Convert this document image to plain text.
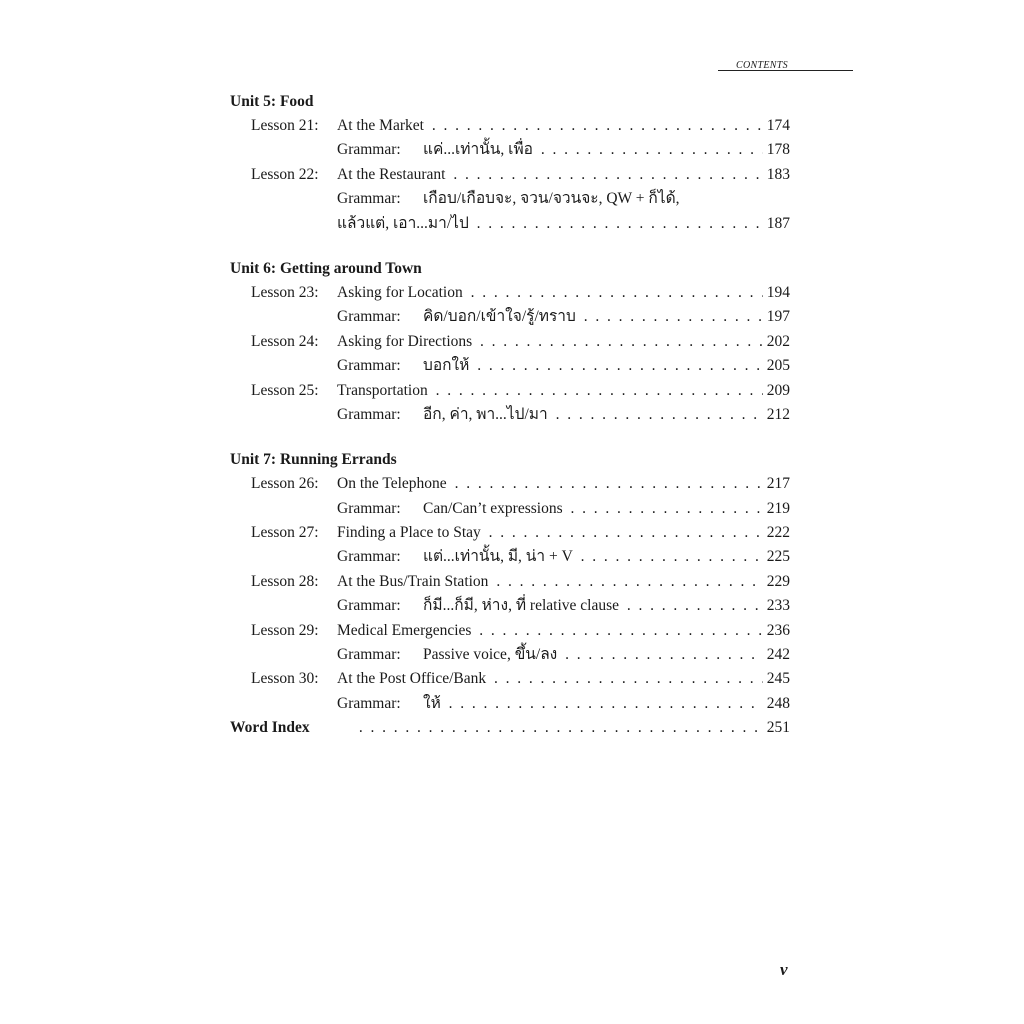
CONTENTS
Unit 5: Food
Lesson 21: At the Market . .	174
Grammar:	แค่...เท่านั้น, เพื่อ . .	178
Lesson 22: At the Restaurant . .	183
Grammar:	เกือบ/เกือบจะ, จวน/จวนจะ, QW + ก็ได้,
แล้วแต่, เอา...มา/ไป . .	187
Unit 6: Getting around Town
Lesson 23: Asking for Location . .	194
Grammar:	คิด/บอก/เข้าใจ/รู้/ทราบ . .	197
Lesson 24: Asking for Directions . .	202
Grammar:	บอกให้ . .	205
Lesson 25: Transportation . .	209
Grammar:	อีก, ค่า, พา...ไป/มา . .	212
Unit 7: Running Errands
Lesson 26: On the Telephone . .	217
Grammar:	Can/Can’t expressions . .	219
Lesson 27: Finding a Place to Stay . .	222
Grammar:	แต่...เท่านั้น, มี, น่า + V . .	225
Lesson 28: At the Bus/Train Station . .	229
Grammar:	ก็มี...ก็มี, ห่าง, ที่ relative clause . .	233
Lesson 29: Medical Emergencies . .	236
Grammar:	Passive voice, ขึ้น/ลง . .	242
Lesson 30: At the Post Office/Bank . .	245
Grammar:	ให้ . .	248
Word Index . .	251
v
